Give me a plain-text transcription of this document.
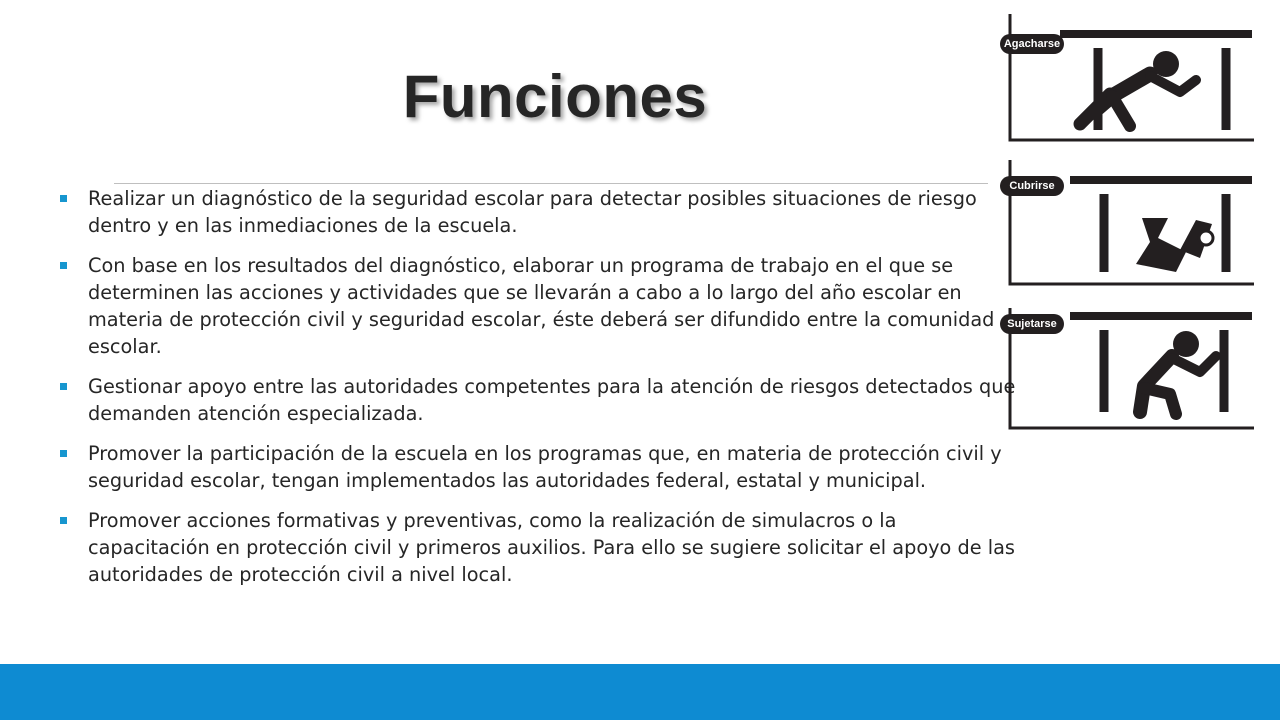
Funciones

Realizar un diagnóstico de la seguridad escolar para detectar posibles situaciones de riesgo dentro y en las inmediaciones de la escuela.

Con base en los resultados del diagnóstico, elaborar un programa de trabajo en el que se determinen las acciones y actividades que se llevarán a cabo a lo largo del año escolar en materia de protección civil y seguridad escolar, éste deberá ser difundido entre la comunidad escolar.

Gestionar apoyo entre las autoridades competentes para la atención de riesgos detectados que demanden atención especializada.

Promover la participación de la escuela en los programas que, en materia de protección civil y seguridad escolar, tengan implementados las autoridades federal, estatal y municipal.

Promover acciones formativas y preventivas, como la realización de simulacros o la capacitación en protección civil y primeros auxilios. Para ello se sugiere solicitar el apoyo de las autoridades de protección civil a nivel local.

Agacharse
Cubrirse
Sujetarse
